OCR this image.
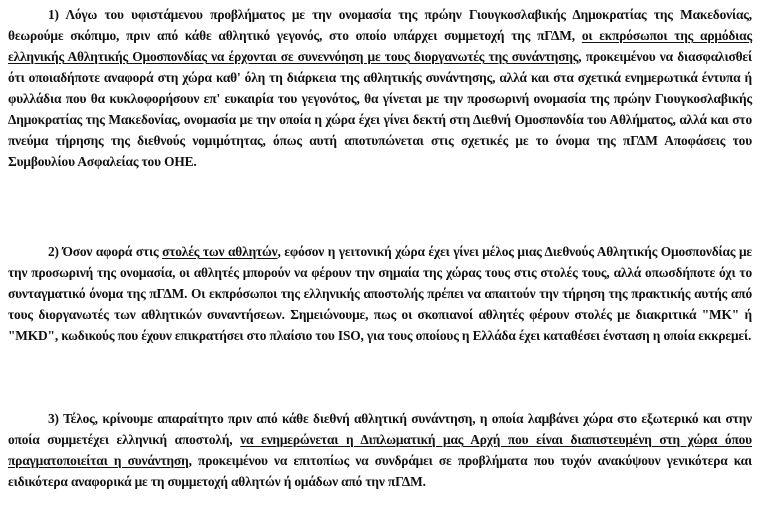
1) Λόγω του υφιστάμενου προβλήματος με την ονομασία της πρώην Γιουγκοσλαβικής Δημοκρατίας της Μακεδονίας, θεωρούμε σκόπιμο, πριν από κάθε αθλητικό γεγονός, στο οποίο υπάρχει συμμετοχή της πΓΔΜ, οι εκπρόσωποι της αρμόδιας ελληνικής Αθλητικής Ομοσπονδίας να έρχονται σε συνεννόηση με τους διοργανωτές της συνάντησης, προκειμένου να διασφαλισθεί ότι οποιαδήποτε αναφορά στη χώρα καθ' όλη τη διάρκεια της αθλητικής συνάντησης, αλλά και στα σχετικά ενημερωτικά έντυπα ή φυλλάδια που θα κυκλοφορήσουν επ' ευκαιρία του γεγονότος, θα γίνεται με την προσωρινή ονομασία της πρώην Γιουγκοσλαβικής Δημοκρατίας της Μακεδονίας, ονομασία με την οποία η χώρα έχει γίνει δεκτή στη Διεθνή Ομοσπονδία του Αθλήματος, αλλά και στο πνεύμα τήρησης της διεθνούς νομιμότητας, όπως αυτή αποτυπώνεται στις σχετικές με το όνομα της πΓΔΜ Αποφάσεις του Συμβουλίου Ασφαλείας του ΟΗΕ.

2) Όσον αφορά στις στολές των αθλητών, εφόσον η γειτονική χώρα έχει γίνει μέλος μιας Διεθνούς Αθλητικής Ομοσπονδίας με την προσωρινή της ονομασία, οι αθλητές μπορούν να φέρουν την σημαία της χώρας τους στις στολές τους, αλλά οπωσδήποτε όχι το συνταγματικό όνομα της πΓΔΜ. Οι εκπρόσωποι της ελληνικής αποστολής πρέπει να απαιτούν την τήρηση της πρακτικής αυτής από τους διοργανωτές των αθλητικών συναντήσεων. Σημειώνουμε, πως οι σκοπιανοί αθλητές φέρουν στολές με διακριτικά "ΜΚ" ή "MKD", κωδικούς που έχουν επικρατήσει στο πλαίσιο του ISO, για τους οποίους η Ελλάδα έχει καταθέσει ένσταση η οποία εκκρεμεί.

3) Τέλος, κρίνουμε απαραίτητο πριν από κάθε διεθνή αθλητική συνάντηση, η οποία λαμβάνει χώρα στο εξωτερικό και στην οποία συμμετέχει ελληνική αποστολή, να ενημερώνεται η Διπλωματική μας Αρχή που είναι διαπιστευμένη στη χώρα όπου πραγματοποιείται η συνάντηση, προκειμένου να επιτοπίως να συνδράμει σε προβλήματα που τυχόν ανακύψουν γενικότερα και ειδικότερα αναφορικά με τη συμμετοχή αθλητών ή ομάδων από την πΓΔΜ.
